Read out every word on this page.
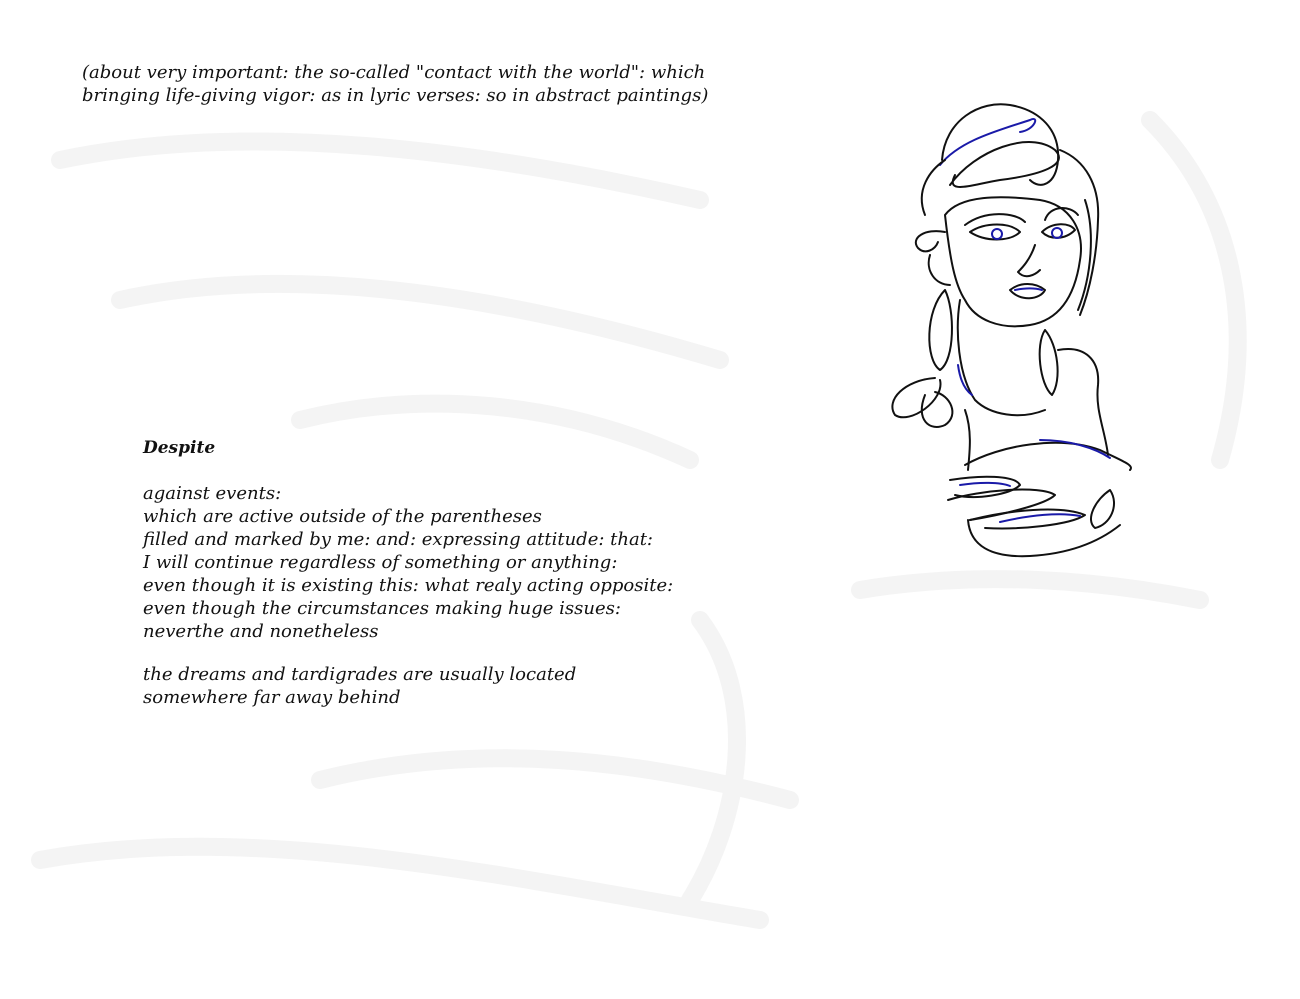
(about very important: the so-called "contact with the world": which
bringing life-giving vigor: as in lyric verses: so in abstract paintings)
Despite
against events:
which are active outside of the parentheses
filled and marked by me: and: expressing attitude: that:
I will continue regardless of something or anything:
even though it is existing this: what realy acting opposite:
even though the circumstances making huge issues:
neverthe and nonetheless
the dreams and tardigrades are usually located
somewhere far away behind
